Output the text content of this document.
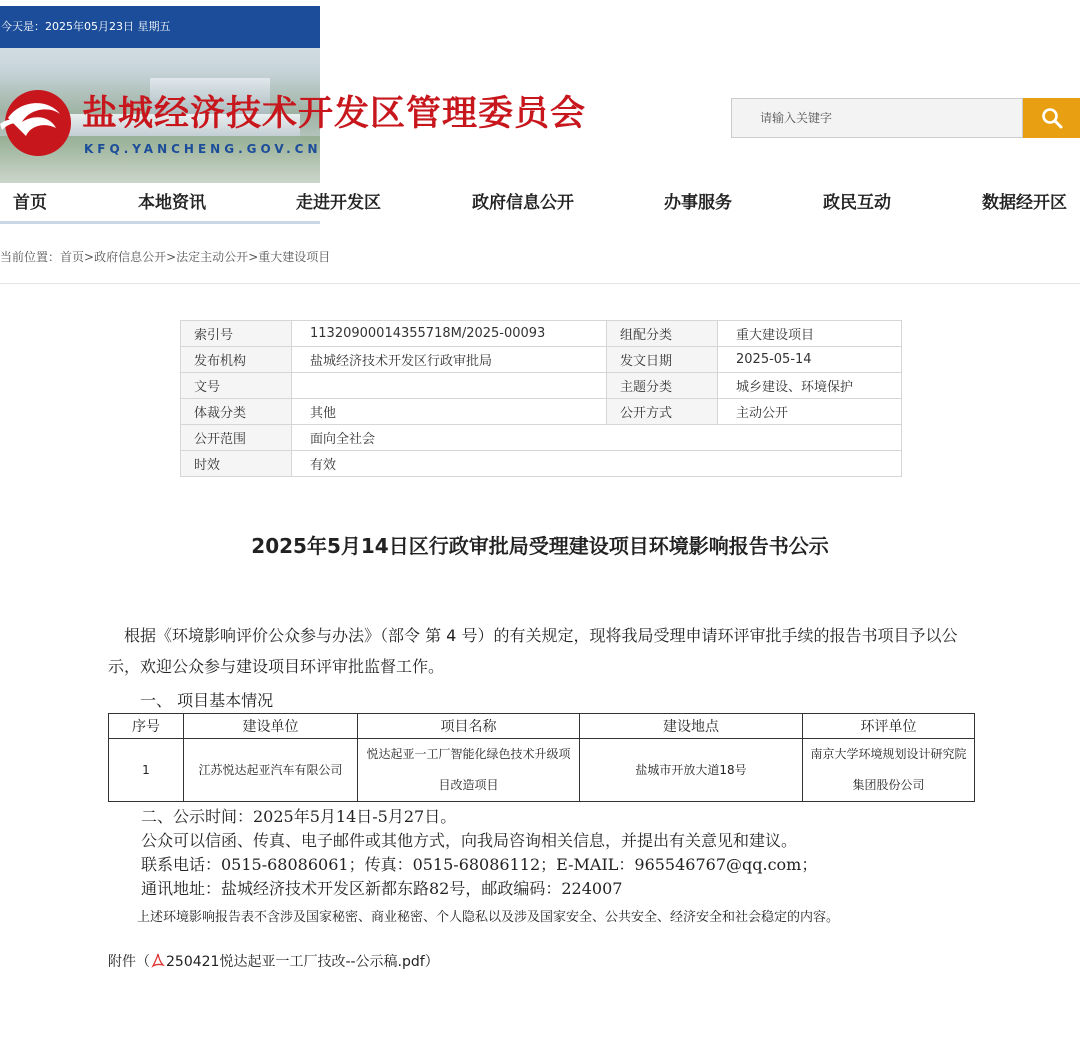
今天是：2025年05月23日 星期五
盐城经济技术开发区管理委员会
KFQ.YANCHENG.GOV.CN
请输入关键字
首页	本地资讯	走进开发区	政府信息公开	办事服务	政民互动	数据经开区
当前位置：首页>政府信息公开>法定主动公开>重大建设项目
索引号	11320900014355718M/2025-00093	组配分类	重大建设项目
发布机构	盐城经济技术开发区行政审批局	发文日期	2025-05-14
文号		主题分类	城乡建设、环境保护
体裁分类	其他	公开方式	主动公开
公开范围	面向全社会		
时效	有效		
2025年5月14日区行政审批局受理建设项目环境影响报告书公示
 根据《环境影响评价公众参与办法》（部令 第 4 号）的有关规定，现将我局受理申请环评审批手续的报告书项目予以公示，欢迎公众参与建设项目环评审批监督工作。
一、 项目基本情况
序号	建设单位	项目名称	建设地点	环评单位
1	江苏悦达起亚汽车有限公司	悦达起亚一工厂智能化绿色技术升级项目改造项目	盐城市开放大道18号	南京大学环境规划设计研究院集团股份公司
二、公示时间：2025年5月14日-5月27日。
公众可以信函、传真、电子邮件或其他方式，向我局咨询相关信息，并提出有关意见和建议。
联系电话：0515-68086061；传真：0515-68086112；E-MAIL：965546767@qq.com；
通讯地址：盐城经济技术开发区新都东路82号，邮政编码：224007
上述环境影响报告表不含涉及国家秘密、商业秘密、个人隐私以及涉及国家安全、公共安全、经济安全和社会稳定的内容。
附件（ 250421悦达起亚一工厂技改--公示稿.pdf）
